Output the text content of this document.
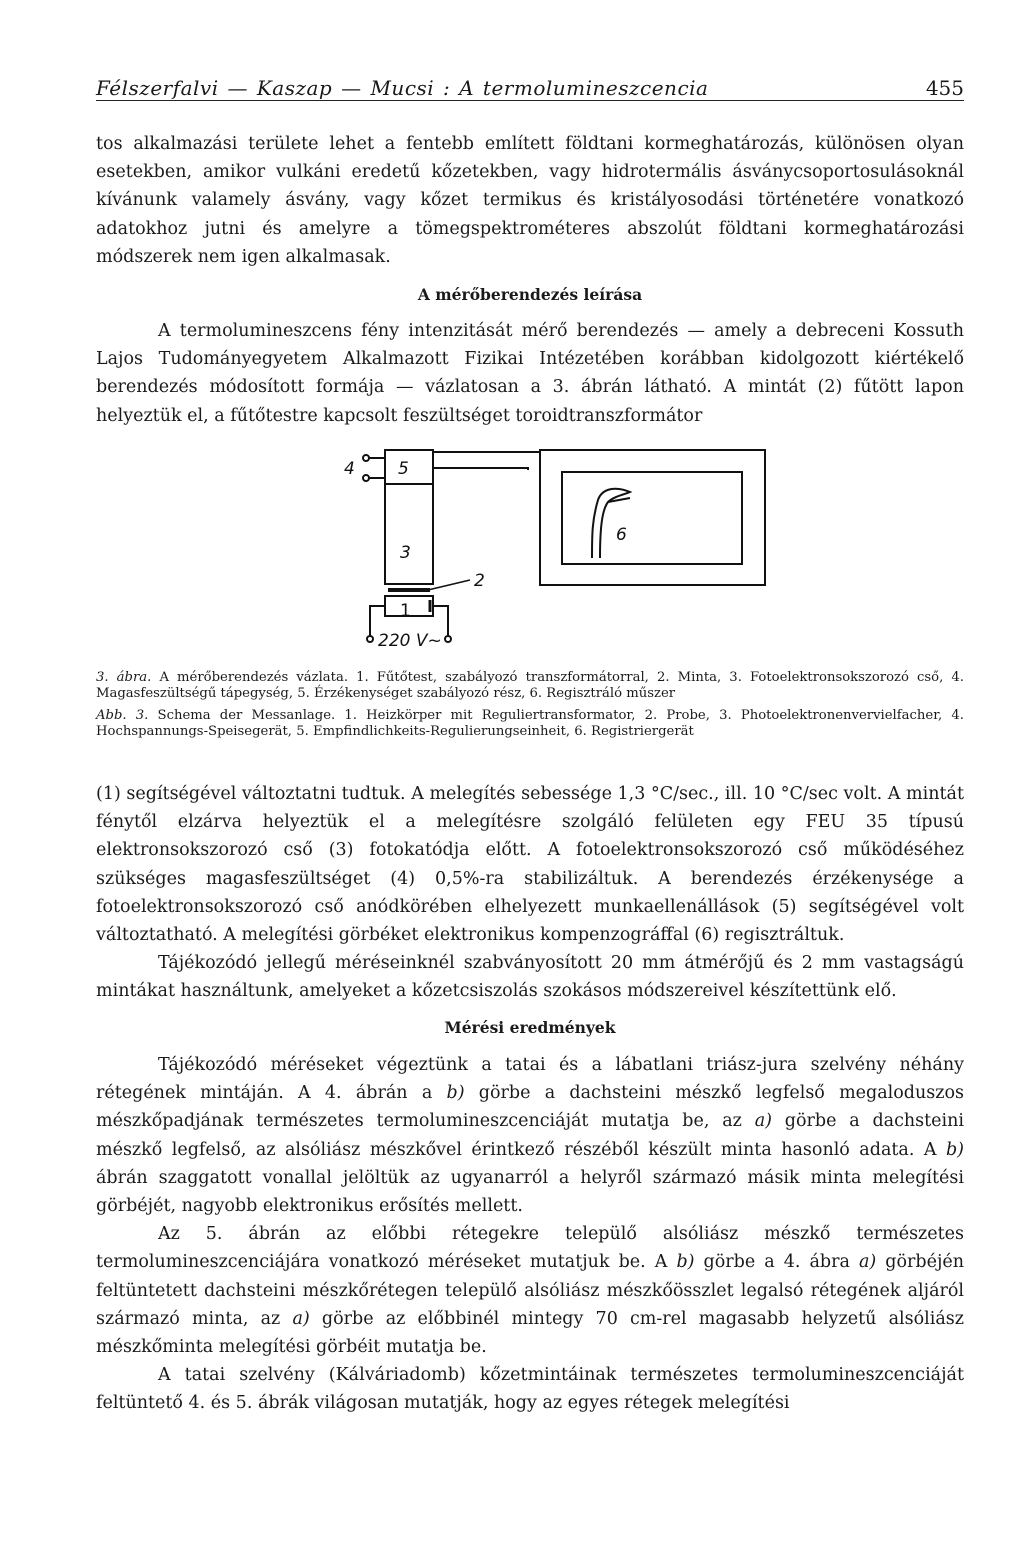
Félszerfalvi — Kaszap — Mucsi : A termolumineszcencia	455

tos alkalmazási területe lehet a fentebb említett földtani kormeghatározás, különösen olyan esetekben, amikor vulkáni eredetű kőzetekben, vagy hidrotermális ásványcsoportosulásoknál kívánunk valamely ásvány, vagy kőzet termikus és kristályosodási történetére vonatkozó adatokhoz jutni és amelyre a tömegspektrométeres abszolút földtani kormeghatározási módszerek nem igen alkalmasak.

A mérőberendezés leírása

A termolumineszcens fény intenzitását mérő berendezés — amely a debreceni Kossuth Lajos Tudományegyetem Alkalmazott Fizikai Intézetében korábban kidolgozott kiértékelő berendezés módosított formája — vázlatosan a 3. ábrán látható. A mintát (2) fűtött lapon helyeztük el, a fűtőtestre kapcsolt feszültséget toroidtranszformátor

4	5
3
2
6
1
220 V~
3. ábra. A mérőberendezés vázlata. 1. Fűtőtest, szabályozó transzformátorral, 2. Minta, 3. Fotoelektronsokszorozó cső, 4. Magasfeszültségű tápegység, 5. Érzékenységet szabályozó rész, 6. Regisztráló műszer
Abb. 3. Schema der Messanlage. 1. Heizkörper mit Reguliertransformator, 2. Probe, 3. Photoelektronenvervielfacher, 4. Hochspannungs-Speisegerät, 5. Empfindlichkeits-Regulierungseinheit, 6. Registriergerät

(1) segítségével változtatni tudtuk. A melegítés sebessége 1,3 °C/sec., ill. 10 °C/sec volt. A mintát fénytől elzárva helyeztük el a melegítésre szolgáló felületen egy FEU 35 típusú elektronsokszorozó cső (3) fotokatódja előtt. A fotoelektronsokszorozó cső működéséhez szükséges magasfeszültséget (4) 0,5%-ra stabilizáltuk. A berendezés érzékenysége a fotoelektronsokszorozó cső anódkörében elhelyezett munkaellenállások (5) segítségével volt változtatható. A melegítési görbéket elektronikus kompenzográffal (6) regisztráltuk.

Tájékozódó jellegű méréseinknél szabványosított 20 mm átmérőjű és 2 mm vastagságú mintákat használtunk, amelyeket a kőzetcsiszolás szokásos módszereivel készítettünk elő.

Mérési eredmények

Tájékozódó méréseket végeztünk a tatai és a lábatlani triász-jura szelvény néhány rétegének mintáján. A 4. ábrán a b) görbe a dachsteini mészkő legfelső megaloduszos mészkőpadjának természetes termolumineszcenciáját mutatja be, az a) görbe a dachsteini mészkő legfelső, az alsóliász mészkővel érintkező részéből készült minta hasonló adata. A b) ábrán szaggatott vonallal jelöltük az ugyanarról a helyről származó másik minta melegítési görbéjét, nagyobb elektronikus erősítés mellett.

Az 5. ábrán az előbbi rétegekre települő alsóliász mészkő természetes termolumineszcenciájára vonatkozó méréseket mutatjuk be. A b) görbe a 4. ábra a) görbéjén feltüntetett dachsteini mészkőrétegen települő alsóliász mészkőösszlet legalsó rétegének aljáról származó minta, az a) görbe az előbbinél mintegy 70 cm-rel magasabb helyzetű alsóliász mészkőminta melegítési görbéit mutatja be.

A tatai szelvény (Kálváriadomb) kőzetmintáinak természetes termolumineszcenciáját feltüntető 4. és 5. ábrák világosan mutatják, hogy az egyes rétegek melegítési
